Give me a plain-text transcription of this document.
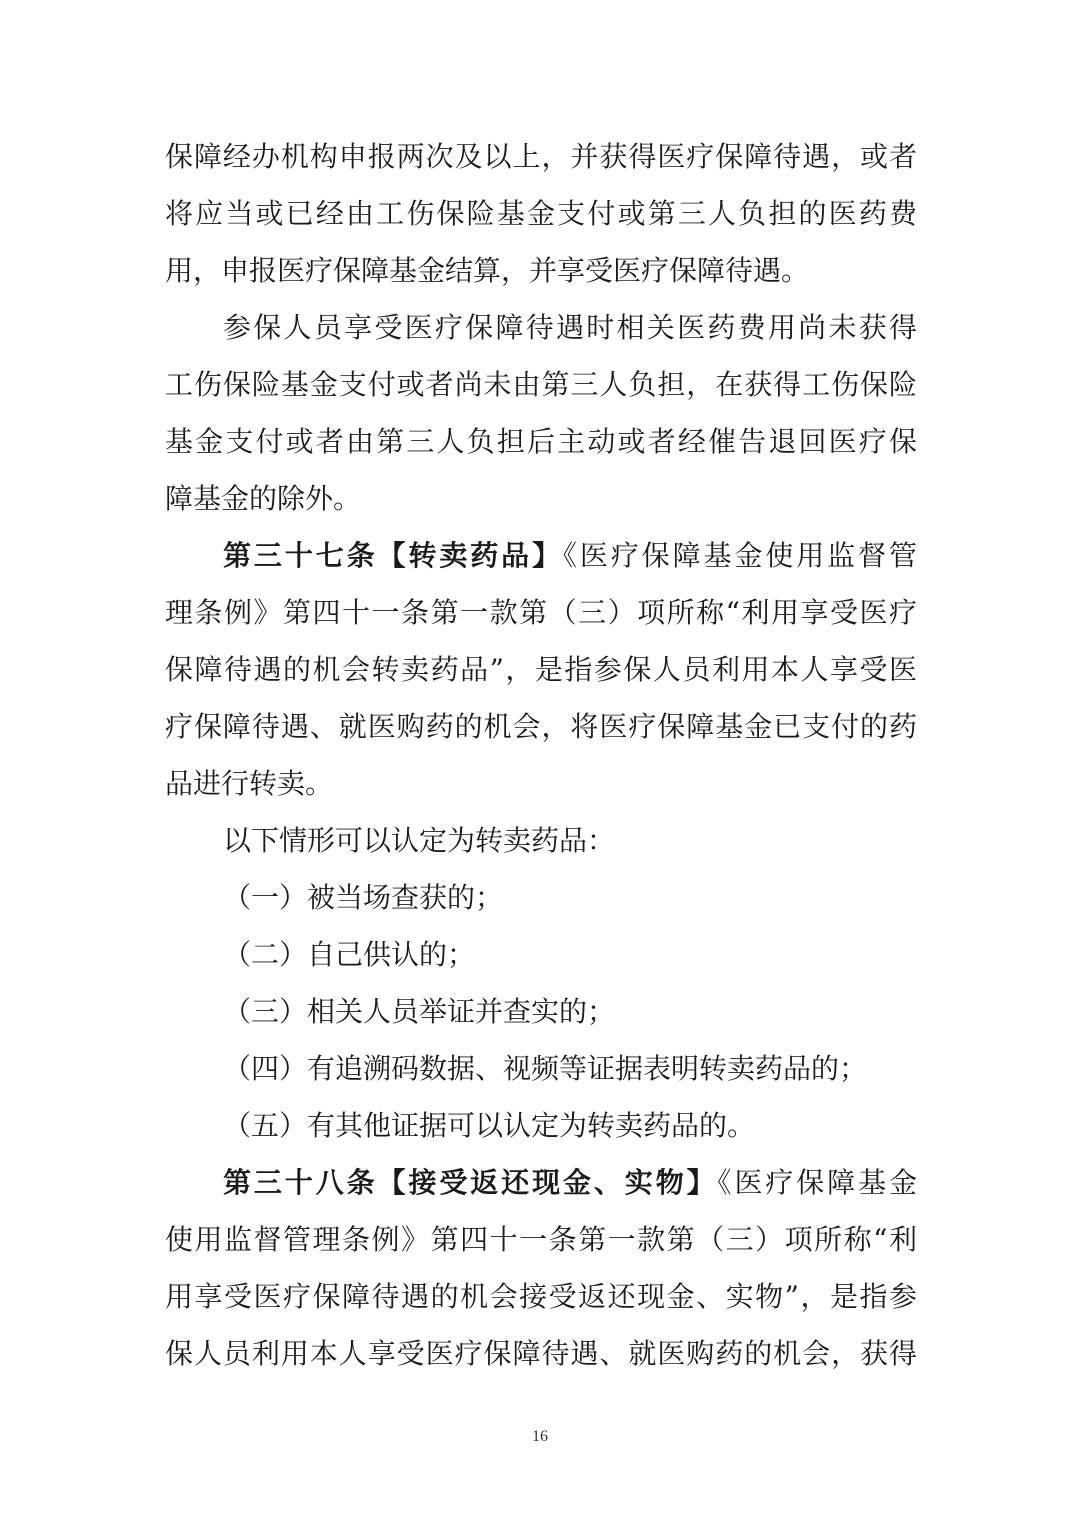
保障经办机构申报两次及以上，并获得医疗保障待遇，或者
将应当或已经由工伤保险基金支付或第三人负担的医药费
用，申报医疗保障基金结算，并享受医疗保障待遇。
参保人员享受医疗保障待遇时相关医药费用尚未获得
工伤保险基金支付或者尚未由第三人负担，在获得工伤保险
基金支付或者由第三人负担后主动或者经催告退回医疗保
障基金的除外。
第三十七条【转卖药品】《医疗保障基金使用监督管
理条例》第四十一条第一款第（三）项所称“利用享受医疗
保障待遇的机会转卖药品”，是指参保人员利用本人享受医
疗保障待遇、就医购药的机会，将医疗保障基金已支付的药
品进行转卖。
以下情形可以认定为转卖药品：
（一）被当场查获的；
（二）自己供认的；
（三）相关人员举证并查实的；
（四）有追溯码数据、视频等证据表明转卖药品的；
（五）有其他证据可以认定为转卖药品的。
第三十八条【接受返还现金、实物】《医疗保障基金
使用监督管理条例》第四十一条第一款第（三）项所称“利
用享受医疗保障待遇的机会接受返还现金、实物”，是指参
保人员利用本人享受医疗保障待遇、就医购药的机会，获得
16
